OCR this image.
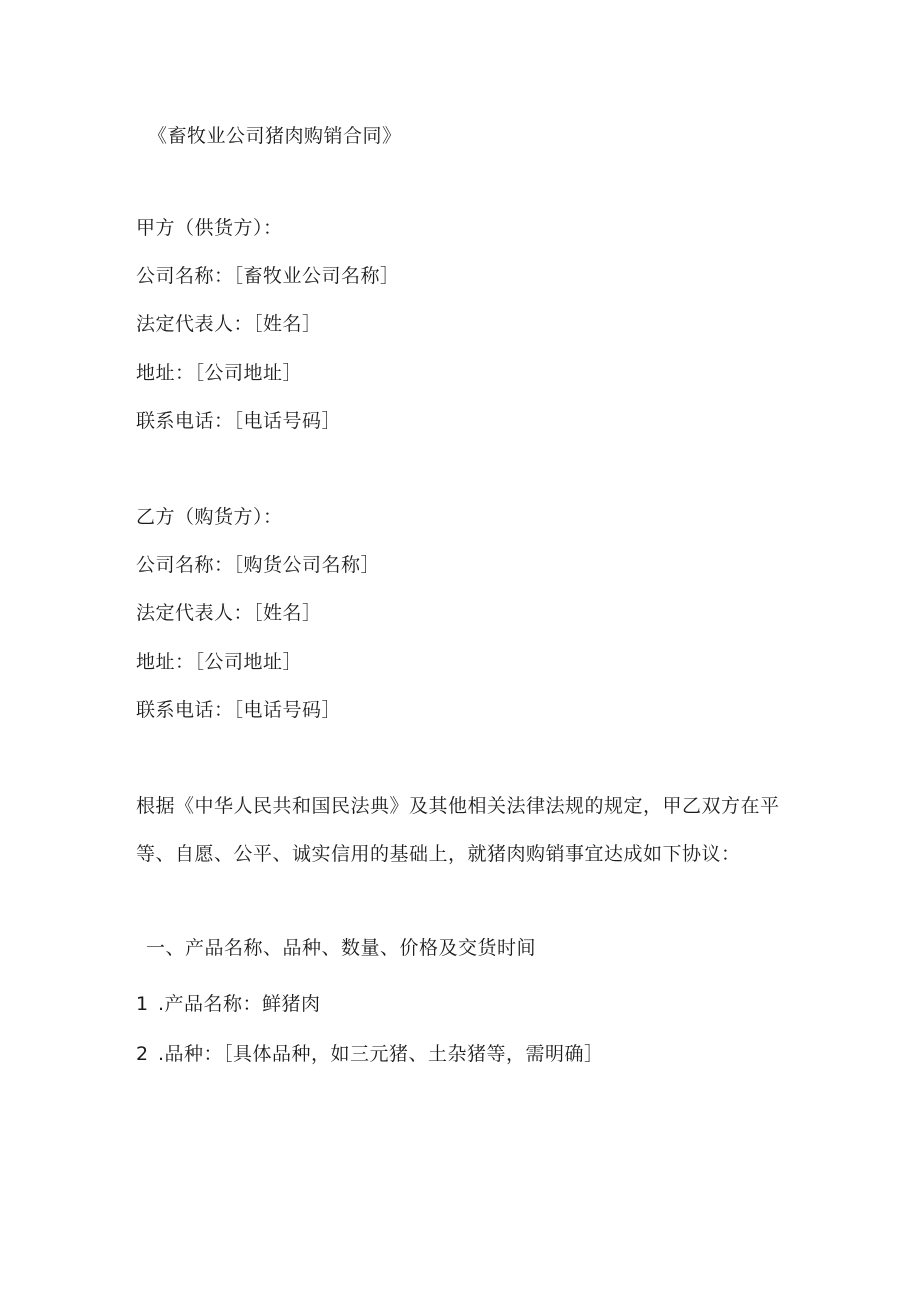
《畜牧业公司猪肉购销合同》
甲方（供货方）：
公司名称：［畜牧业公司名称］
法定代表人：［姓名］
地址：［公司地址］
联系电话：［电话号码］
乙方（购货方）：
公司名称：［购货公司名称］
法定代表人：［姓名］
地址：［公司地址］
联系电话：［电话号码］
根据《中华人民共和国民法典》及其他相关法律法规的规定，甲乙双方在平
等、自愿、公平、诚实信用的基础上，就猪肉购销事宜达成如下协议：
一、产品名称、品种、数量、价格及交货时间
1 .产品名称：鲜猪肉
2 .品种：［具体品种，如三元猪、土杂猪等，需明确］
